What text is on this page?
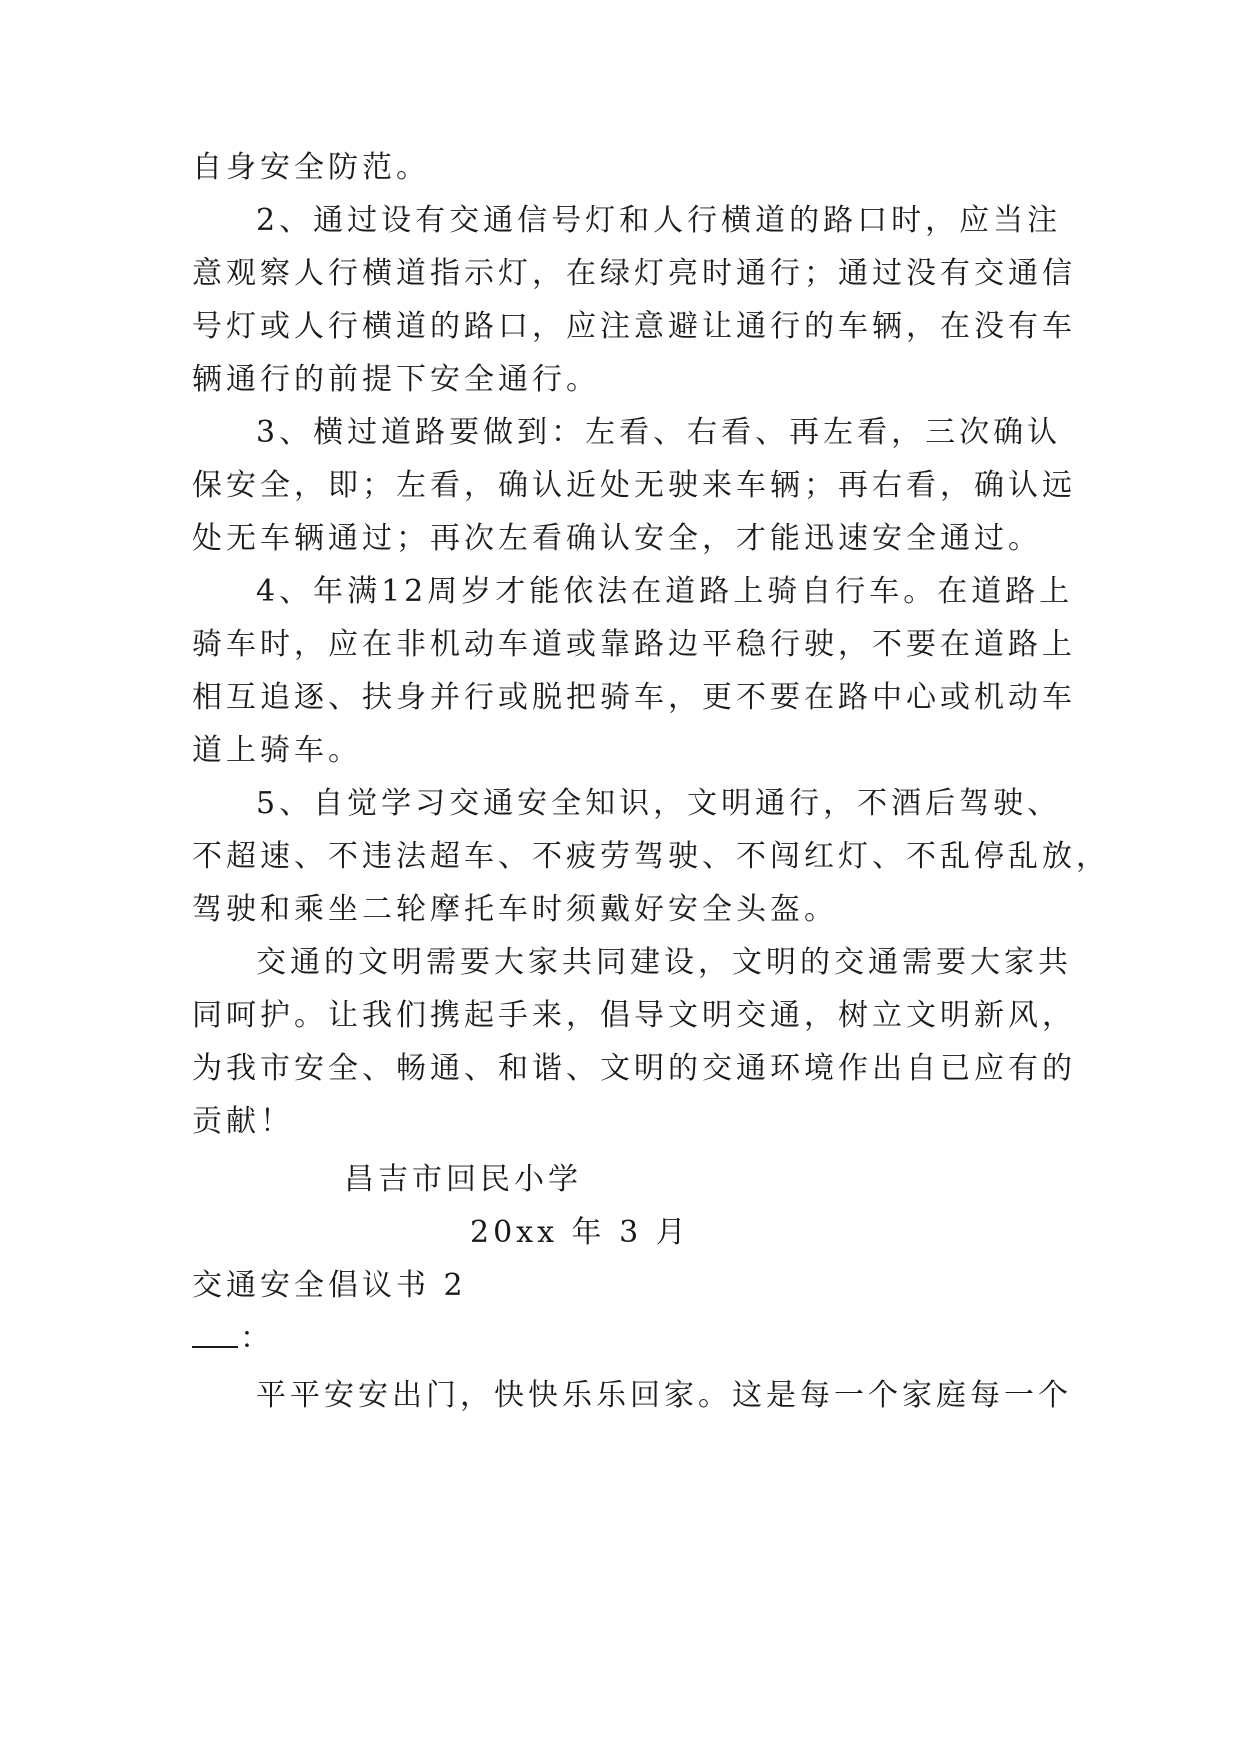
自身安全防范。
2、通过设有交通信号灯和人行横道的路口时，应当注
意观察人行横道指示灯，在绿灯亮时通行；通过没有交通信
号灯或人行横道的路口，应注意避让通行的车辆，在没有车
辆通行的前提下安全通行。
3、横过道路要做到：左看、右看、再左看，三次确认
保安全，即；左看，确认近处无驶来车辆；再右看，确认远
处无车辆通过；再次左看确认安全，才能迅速安全通过。
4、年满12周岁才能依法在道路上骑自行车。在道路上
骑车时，应在非机动车道或靠路边平稳行驶，不要在道路上
相互追逐、扶身并行或脱把骑车，更不要在路中心或机动车
道上骑车。
5、自觉学习交通安全知识，文明通行，不酒后驾驶、
不超速、不违法超车、不疲劳驾驶、不闯红灯、不乱停乱放，
驾驶和乘坐二轮摩托车时须戴好安全头盔。
交通的文明需要大家共同建设，文明的交通需要大家共
同呵护。让我们携起手来，倡导文明交通，树立文明新风，
为我市安全、畅通、和谐、文明的交通环境作出自已应有的
贡献！
昌吉市回民小学
20xx 年 3 月
交通安全倡议书 2
：
平平安安出门，快快乐乐回家。这是每一个家庭每一个
